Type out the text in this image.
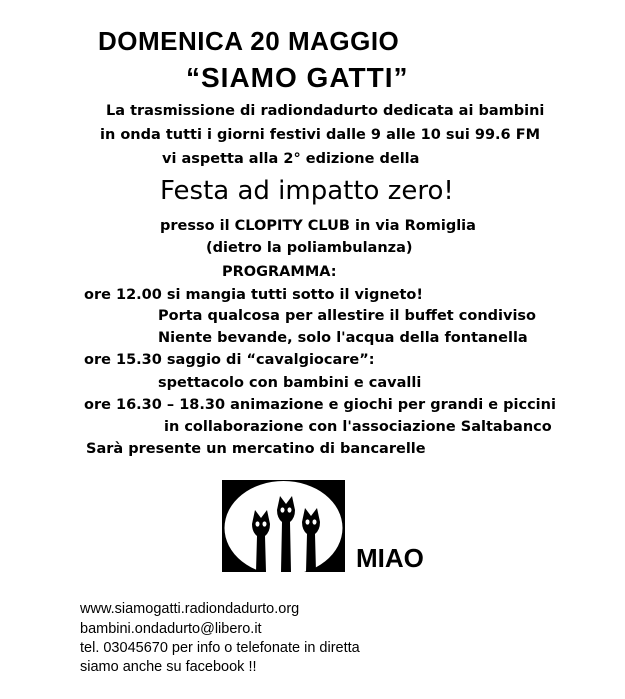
DOMENICA 20 MAGGIO
“SIAMO GATTI”
La trasmissione di radiondadurto dedicata ai bambini
in onda tutti i giorni festivi dalle 9 alle 10 sui 99.6 FM
vi aspetta alla 2° edizione della
Festa ad impatto zero!
presso il CLOPITY CLUB in via Romiglia
(dietro la poliambulanza)
PROGRAMMA:
ore 12.00 si mangia tutti sotto il vigneto!
Porta qualcosa per allestire il buffet condiviso
Niente bevande, solo l'acqua della fontanella
ore 15.30 saggio di “cavalgiocare”:
spettacolo con bambini e cavalli
ore 16.30 – 18.30 animazione e giochi per grandi e piccini
in collaborazione con l'associazione Saltabanco
Sarà presente un mercatino di bancarelle
MIAO
www.siamogatti.radiondadurto.org
bambini.ondadurto@libero.it
tel. 03045670 per info o telefonate in diretta
siamo anche su facebook !!
